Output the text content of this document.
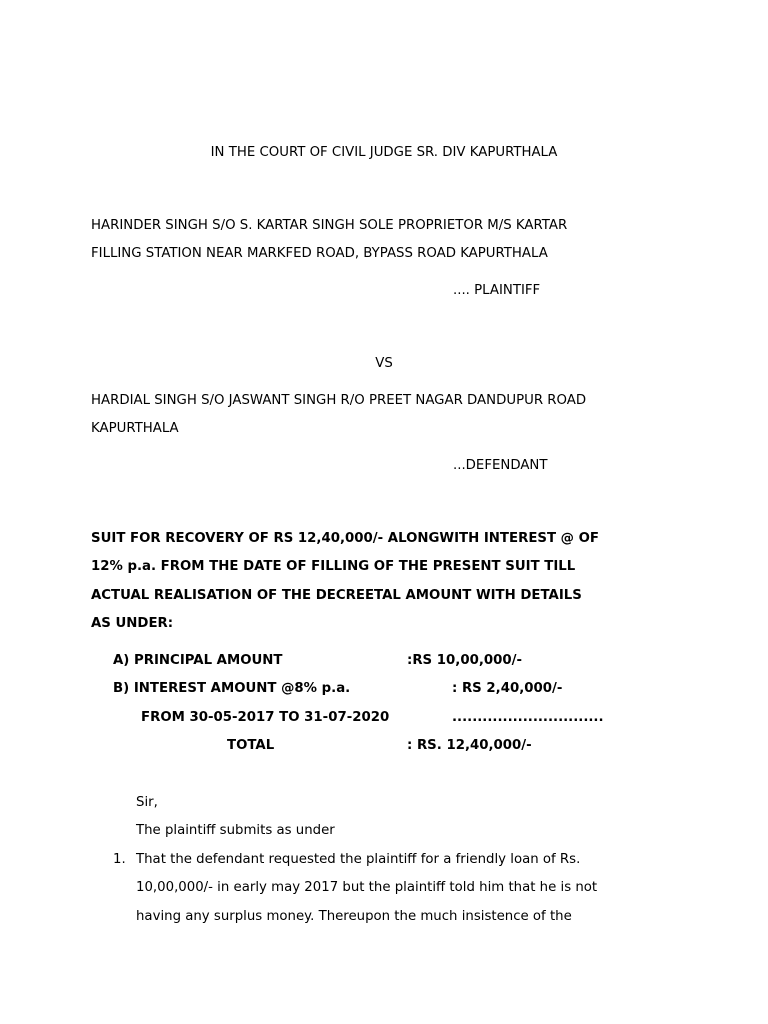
IN THE COURT OF CIVIL JUDGE SR. DIV KAPURTHALA
HARINDER SINGH S/O S. KARTAR SINGH SOLE PROPRIETOR M/S KARTAR
FILLING STATION NEAR MARKFED ROAD, BYPASS ROAD KAPURTHALA
.... PLAINTIFF
VS
HARDIAL SINGH S/O JASWANT SINGH R/O PREET NAGAR DANDUPUR ROAD
KAPURTHALA
...DEFENDANT
SUIT FOR RECOVERY OF RS 12,40,000/- ALONGWITH INTEREST @ OF
12% p.a. FROM THE DATE OF FILLING OF THE PRESENT SUIT TILL
ACTUAL REALISATION OF THE DECREETAL AMOUNT WITH DETAILS
AS UNDER:
A) PRINCIPAL AMOUNT	:RS 10,00,000/-
B) INTEREST AMOUNT @8% p.a.	: RS 2,40,000/-
FROM 30-05-2017 TO 31-07-2020	..............................
TOTAL	: RS. 12,40,000/-
Sir,
The plaintiff submits as under
1. That the defendant requested the plaintiff for a friendly loan of Rs.
10,00,000/- in early may 2017 but the plaintiff told him that he is not
having any surplus money. Thereupon the much insistence of the
